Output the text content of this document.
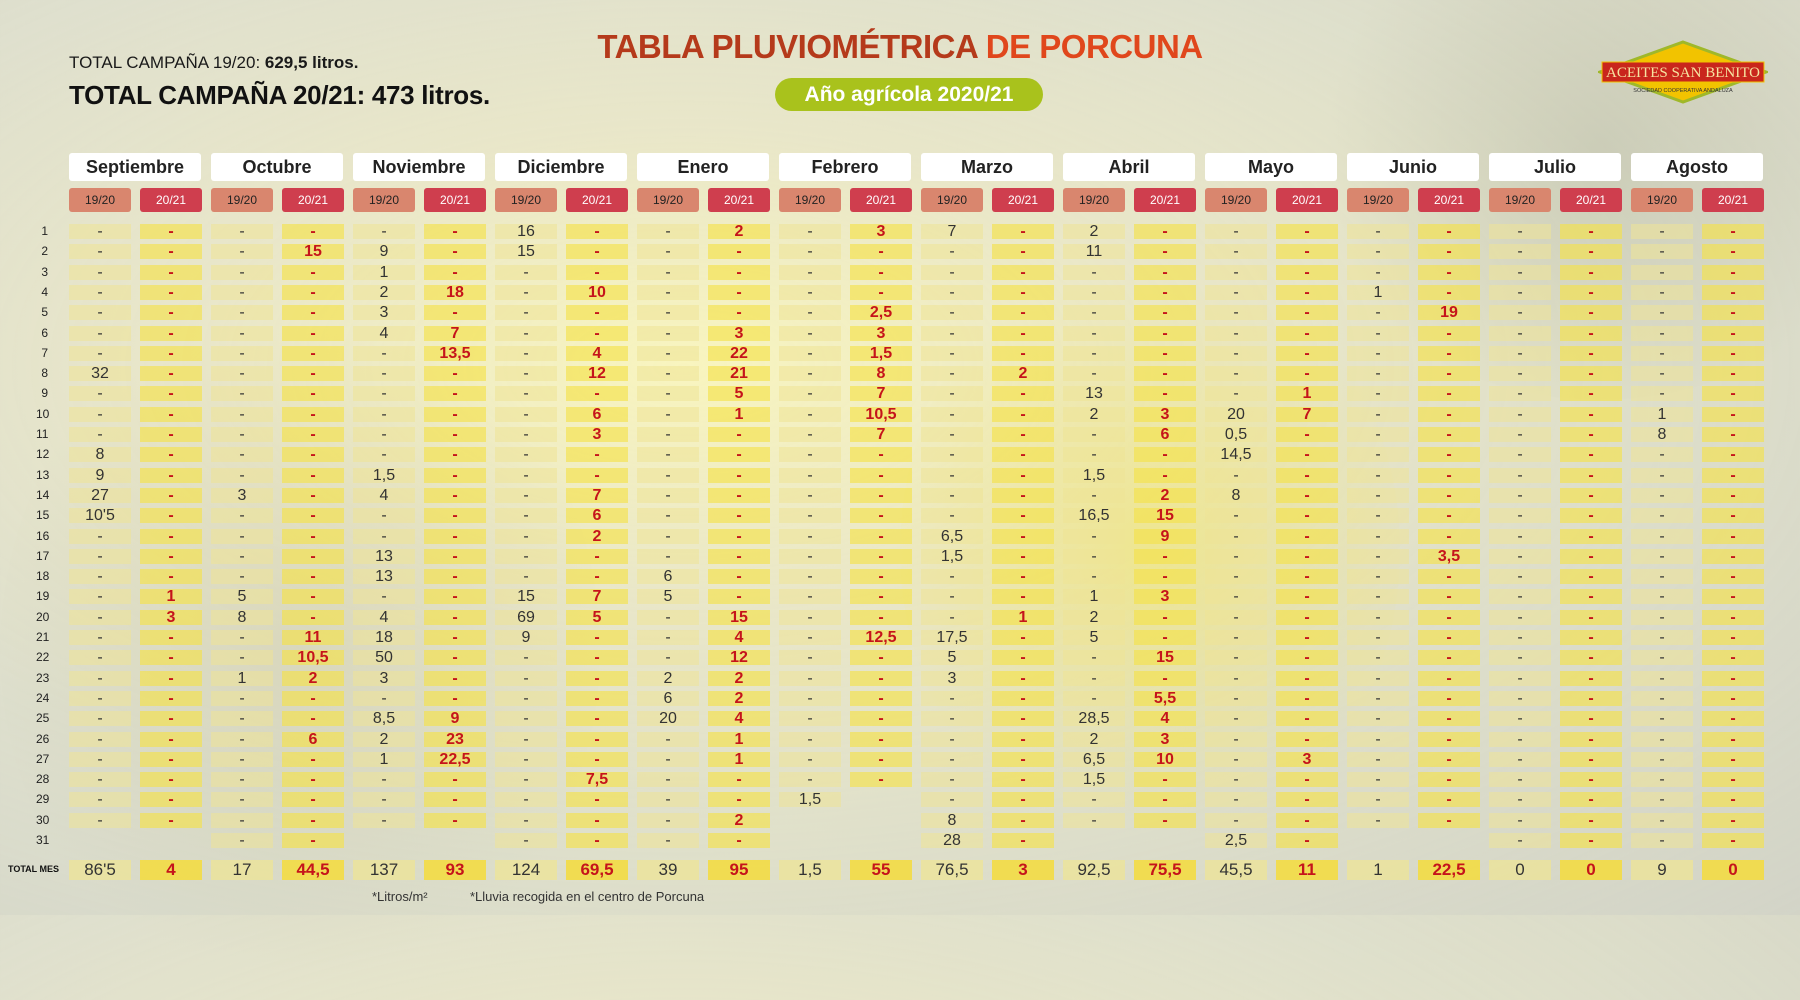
TOTAL CAMPAÑA 19/20: 629,5 litros.
TOTAL CAMPAÑA 20/21: 473 litros.
TABLA PLUVIOMÉTRICA DE PORCUNA
Año agrícola 2020/21
ACEITES SAN BENITO
SOCIEDAD COOPERATIVA ANDALUZA
1
2
3
4
5
6
7
8
9
10
11
12
13
14
15
16
17
18
19
20
21
22
23
24
25
26
27
28
29
30
31
Septiembre
19/20
-
-
-
-
-
-
-
32
-
-
-
8
9
27
10'5
-
-
-
-
-
-
-
-
-
-
-
-
-
-
-
86'5
20/21
-
-
-
-
-
-
-
-
-
-
-
-
-
-
-
-
-
-
1
3
-
-
-
-
-
-
-
-
-
-
4
Octubre
19/20
-
-
-
-
-
-
-
-
-
-
-
-
-
3
-
-
-
-
5
8
-
-
1
-
-
-
-
-
-
-
-
17
20/21
-
15
-
-
-
-
-
-
-
-
-
-
-
-
-
-
-
-
-
-
11
10,5
2
-
-
6
-
-
-
-
-
44,5
Noviembre
19/20
-
9
1
2
3
4
-
-
-
-
-
-
1,5
4
-
-
13
13
-
4
18
50
3
-
8,5
2
1
-
-
-
137
20/21
-
-
-
18
-
7
13,5
-
-
-
-
-
-
-
-
-
-
-
-
-
-
-
-
-
9
23
22,5
-
-
-
93
Diciembre
19/20
16
15
-
-
-
-
-
-
-
-
-
-
-
-
-
-
-
-
15
69
9
-
-
-
-
-
-
-
-
-
-
124
20/21
-
-
-
10
-
-
4
12
-
6
3
-
-
7
6
2
-
-
7
5
-
-
-
-
-
-
-
7,5
-
-
-
69,5
Enero
19/20
-
-
-
-
-
-
-
-
-
-
-
-
-
-
-
-
-
6
5
-
-
-
2
6
20
-
-
-
-
-
-
39
20/21
2
-
-
-
-
3
22
21
5
1
-
-
-
-
-
-
-
-
-
15
4
12
2
2
4
1
1
-
-
2
-
95
Febrero
19/20
-
-
-
-
-
-
-
-
-
-
-
-
-
-
-
-
-
-
-
-
-
-
-
-
-
-
-
-
1,5
1,5
20/21
3
-
-
-
2,5
3
1,5
8
7
10,5
7
-
-
-
-
-
-
-
-
-
12,5
-
-
-
-
-
-
-
55
Marzo
19/20
7
-
-
-
-
-
-
-
-
-
-
-
-
-
-
6,5
1,5
-
-
-
17,5
5
3
-
-
-
-
-
-
8
28
76,5
20/21
-
-
-
-
-
-
-
2
-
-
-
-
-
-
-
-
-
-
-
1
-
-
-
-
-
-
-
-
-
-
-
3
Abril
19/20
2
11
-
-
-
-
-
-
13
2
-
-
1,5
-
16,5
-
-
-
1
2
5
-
-
-
28,5
2
6,5
1,5
-
-
92,5
20/21
-
-
-
-
-
-
-
-
-
3
6
-
-
2
15
9
-
-
3
-
-
15
-
5,5
4
3
10
-
-
-
75,5
Mayo
19/20
-
-
-
-
-
-
-
-
-
20
0,5
14,5
-
8
-
-
-
-
-
-
-
-
-
-
-
-
-
-
-
-
2,5
45,5
20/21
-
-
-
-
-
-
-
-
1
7
-
-
-
-
-
-
-
-
-
-
-
-
-
-
-
-
3
-
-
-
-
11
Junio
19/20
-
-
-
1
-
-
-
-
-
-
-
-
-
-
-
-
-
-
-
-
-
-
-
-
-
-
-
-
-
-
1
20/21
-
-
-
-
19
-
-
-
-
-
-
-
-
-
-
-
3,5
-
-
-
-
-
-
-
-
-
-
-
-
-
22,5
Julio
19/20
-
-
-
-
-
-
-
-
-
-
-
-
-
-
-
-
-
-
-
-
-
-
-
-
-
-
-
-
-
-
-
0
20/21
-
-
-
-
-
-
-
-
-
-
-
-
-
-
-
-
-
-
-
-
-
-
-
-
-
-
-
-
-
-
-
0
Agosto
19/20
-
-
-
-
-
-
-
-
-
1
8
-
-
-
-
-
-
-
-
-
-
-
-
-
-
-
-
-
-
-
-
9
20/21
-
-
-
-
-
-
-
-
-
-
-
-
-
-
-
-
-
-
-
-
-
-
-
-
-
-
-
-
-
-
-
0
TOTAL MES
*Litros/m²	*Lluvia recogida en el centro de Porcuna
